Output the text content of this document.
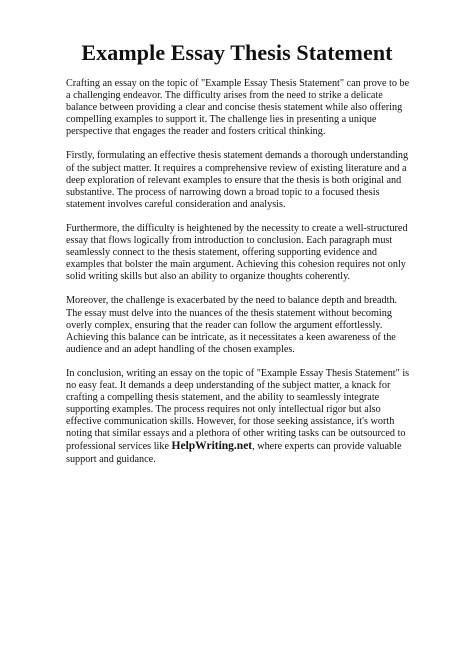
Example Essay Thesis Statement

Crafting an essay on the topic of "Example Essay Thesis Statement" can prove to be a challenging endeavor. The difficulty arises from the need to strike a delicate balance between providing a clear and concise thesis statement while also offering compelling examples to support it. The challenge lies in presenting a unique perspective that engages the reader and fosters critical thinking.

Firstly, formulating an effective thesis statement demands a thorough understanding of the subject matter. It requires a comprehensive review of existing literature and a deep exploration of relevant examples to ensure that the thesis is both original and substantive. The process of narrowing down a broad topic to a focused thesis statement involves careful consideration and analysis.

Furthermore, the difficulty is heightened by the necessity to create a well-structured essay that flows logically from introduction to conclusion. Each paragraph must seamlessly connect to the thesis statement, offering supporting evidence and examples that bolster the main argument. Achieving this cohesion requires not only solid writing skills but also an ability to organize thoughts coherently.

Moreover, the challenge is exacerbated by the need to balance depth and breadth. The essay must delve into the nuances of the thesis statement without becoming overly complex, ensuring that the reader can follow the argument effortlessly. Achieving this balance can be intricate, as it necessitates a keen awareness of the audience and an adept handling of the chosen examples.

In conclusion, writing an essay on the topic of "Example Essay Thesis Statement" is no easy feat. It demands a deep understanding of the subject matter, a knack for crafting a compelling thesis statement, and the ability to seamlessly integrate supporting examples. The process requires not only intellectual rigor but also effective communication skills. However, for those seeking assistance, it's worth noting that similar essays and a plethora of other writing tasks can be outsourced to professional services like HelpWriting.net, where experts can provide valuable support and guidance.
